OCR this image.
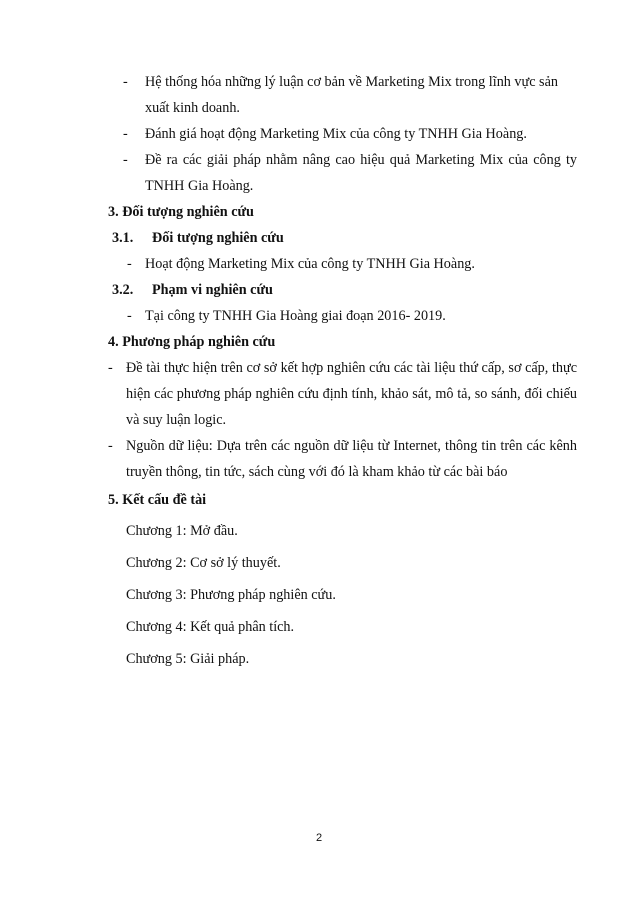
- Hệ thống hóa những lý luận cơ bản về Marketing Mix trong lĩnh vực sản
xuất kinh doanh.
- Đánh giá hoạt động Marketing Mix của công ty TNHH Gia Hoàng.
- Đề ra các giải pháp nhằm nâng cao hiệu quả Marketing Mix của công ty
TNHH Gia Hoàng.
3. Đối tượng nghiên cứu
3.1. Đối tượng nghiên cứu
- Hoạt động Marketing Mix của công ty TNHH Gia Hoàng.
3.2. Phạm vi nghiên cứu
- Tại công ty TNHH Gia Hoàng giai đoạn 2016- 2019.
4. Phương pháp nghiên cứu
- Đề tài thực hiện trên cơ sở kết hợp nghiên cứu các tài liệu thứ cấp, sơ cấp, thực
hiện các phương pháp nghiên cứu định tính, khảo sát, mô tả, so sánh, đối chiếu
và suy luận logic.
- Nguồn dữ liệu: Dựa trên các nguồn dữ liệu từ Internet, thông tin trên các kênh
truyền thông, tin tức, sách cùng với đó là kham khảo từ các bài báo
5. Kết cấu đề tài
Chương 1: Mở đầu.
Chương 2: Cơ sở lý thuyết.
Chương 3: Phương pháp nghiên cứu.
Chương 4: Kết quả phân tích.
Chương 5: Giải pháp.
2
